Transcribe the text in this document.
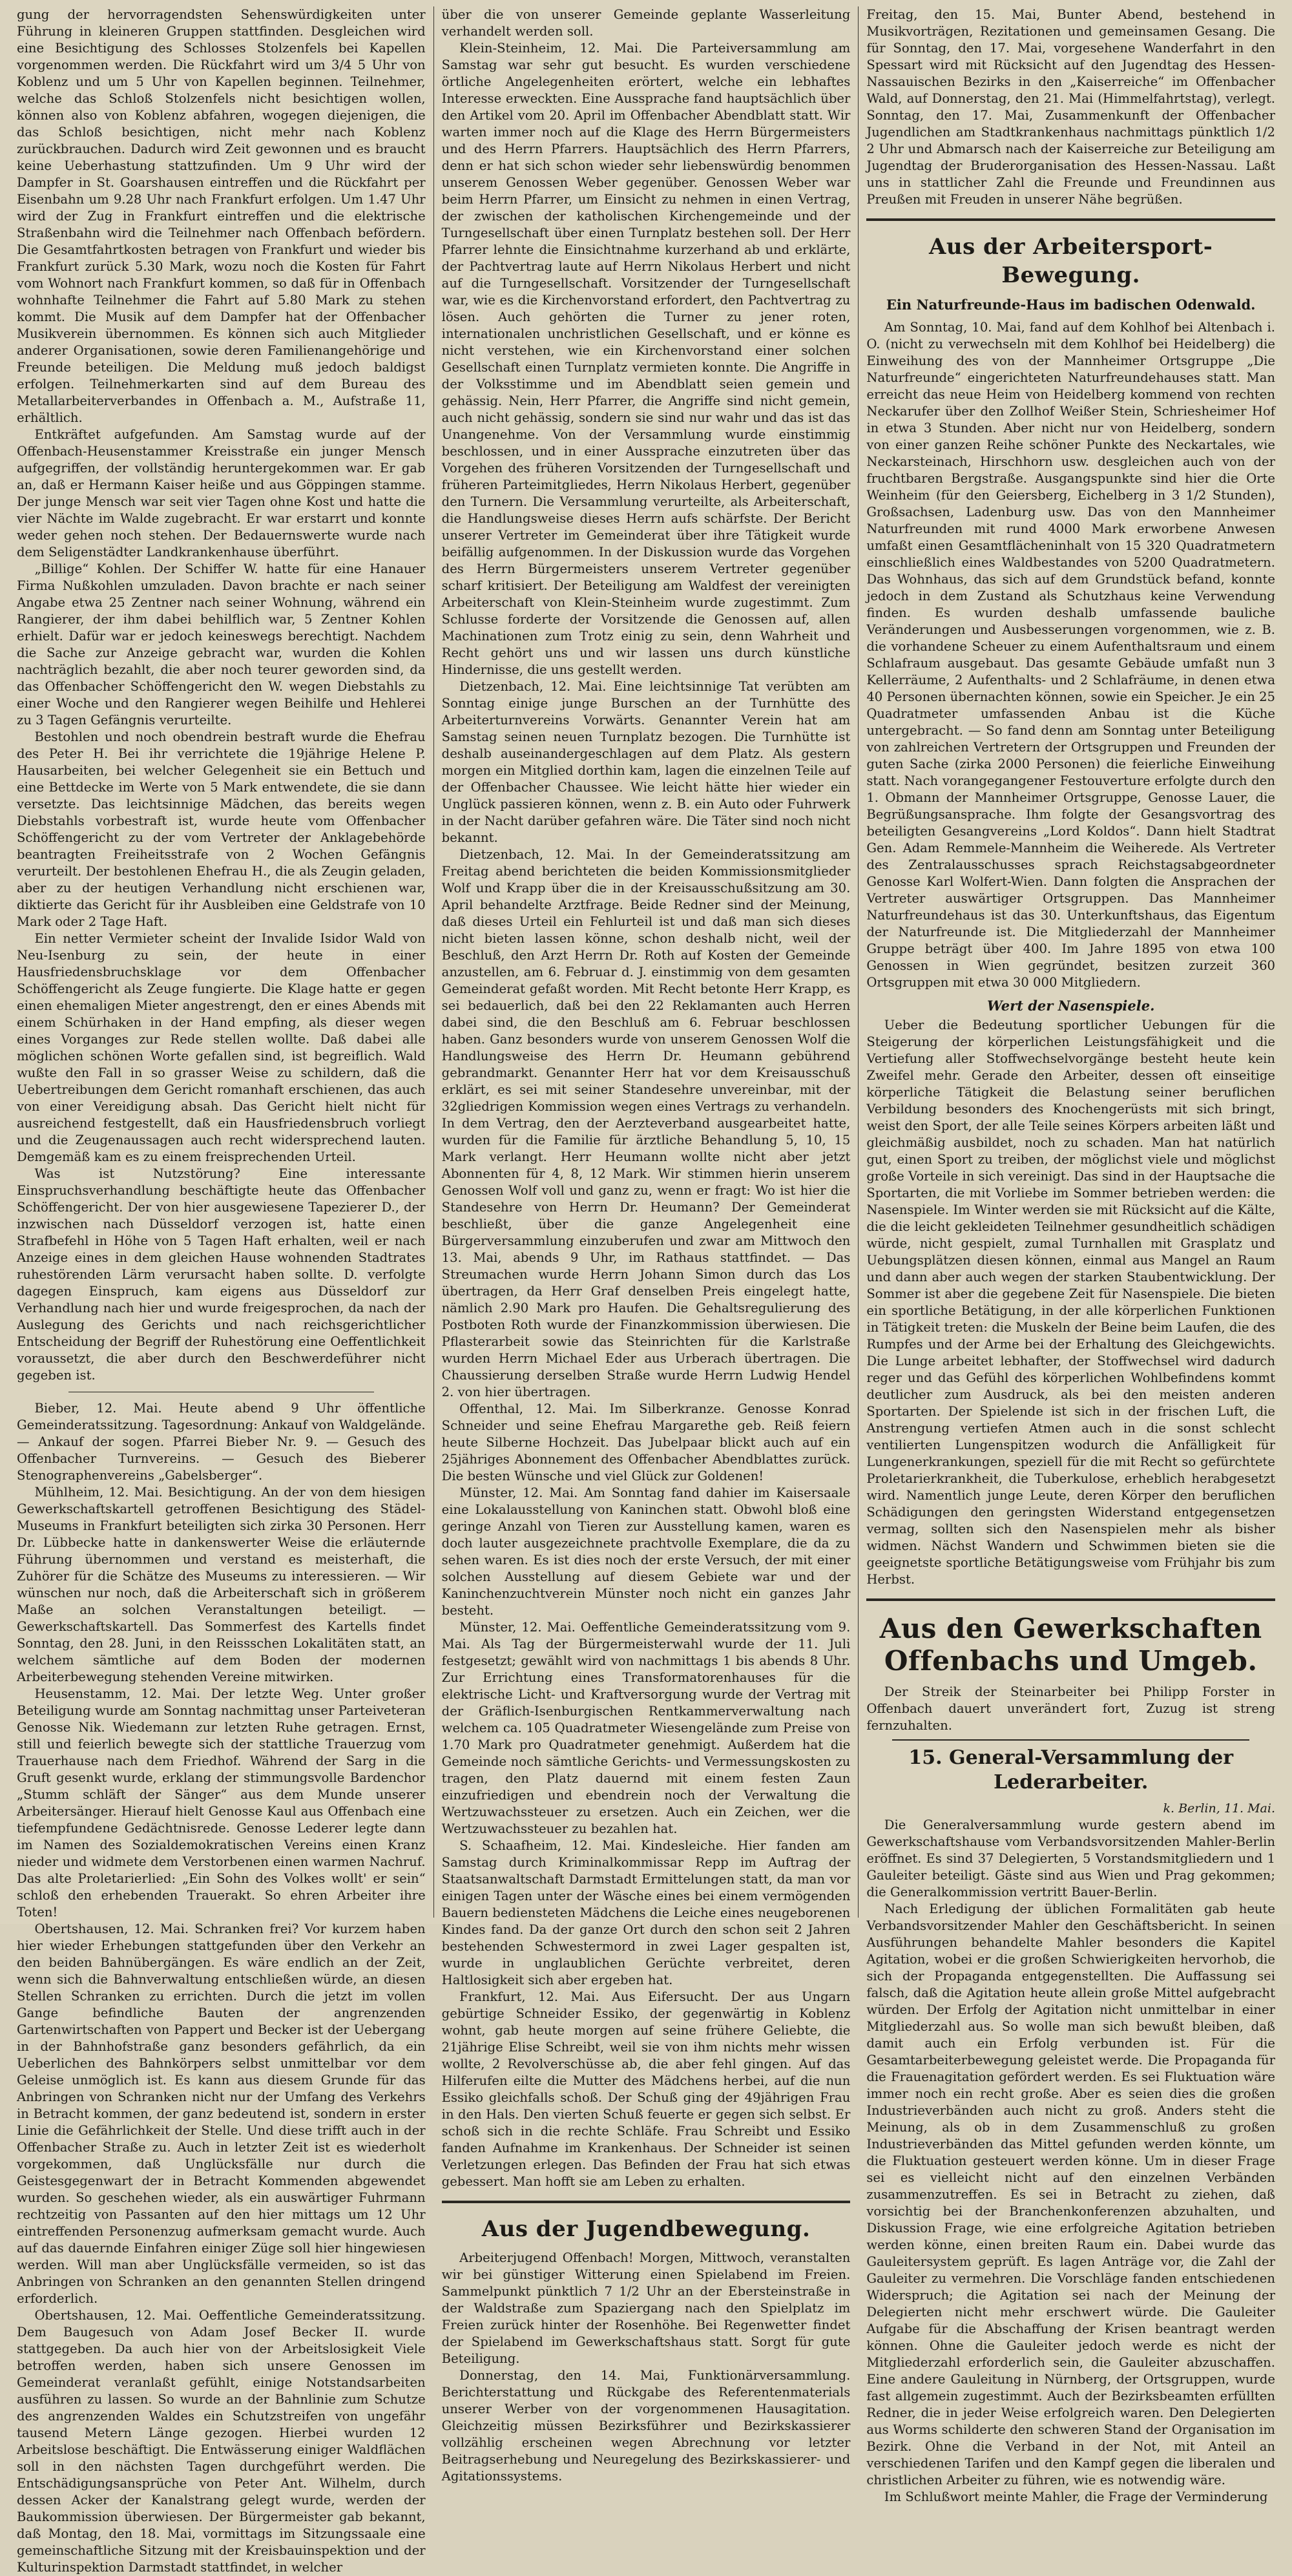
gung der hervorragendsten Sehenswürdigkeiten unter Führung in kleineren Gruppen stattfinden. Desgleichen wird eine Besichtigung des Schlosses Stolzenfels bei Kapellen vorgenommen werden. Die Rückfahrt wird um 3/4 5 Uhr von Koblenz und um 5 Uhr von Kapellen beginnen. Teilnehmer, welche das Schloß Stolzenfels nicht besichtigen wollen, können also von Koblenz abfahren, wogegen diejenigen, die das Schloß besichtigen, nicht mehr nach Koblenz zurückbrauchen. Dadurch wird Zeit gewonnen und es braucht keine Ueberhastung stattzufinden. Um 9 Uhr wird der Dampfer in St. Goarshausen eintreffen und die Rückfahrt per Eisenbahn um 9.28 Uhr nach Frankfurt erfolgen. Um 1.47 Uhr wird der Zug in Frankfurt eintreffen und die elektrische Straßenbahn wird die Teilnehmer nach Offenbach befördern. Die Gesamtfahrtkosten betragen von Frankfurt und wieder bis Frankfurt zurück 5.30 Mark, wozu noch die Kosten für Fahrt vom Wohnort nach Frankfurt kommen, so daß für in Offenbach wohnhafte Teilnehmer die Fahrt auf 5.80 Mark zu stehen kommt. Die Musik auf dem Dampfer hat der Offenbacher Musikverein übernommen. Es können sich auch Mitglieder anderer Organisationen, sowie deren Familienangehörige und Freunde beteiligen. Die Meldung muß jedoch baldigst erfolgen. Teilnehmerkarten sind auf dem Bureau des Metallarbeiterverbandes in Offenbach a. M., Aufstraße 11, erhältlich.

Entkräftet aufgefunden. Am Samstag wurde auf der Offenbach-Heusenstammer Kreisstraße ein junger Mensch aufgegriffen, der vollständig heruntergekommen war. Er gab an, daß er Hermann Kaiser heiße und aus Göppingen stamme. Der junge Mensch war seit vier Tagen ohne Kost und hatte die vier Nächte im Walde zugebracht. Er war erstarrt und konnte weder gehen noch stehen. Der Bedauernswerte wurde nach dem Seligenstädter Landkrankenhause überführt.

„Billige“ Kohlen. Der Schiffer W. hatte für eine Hanauer Firma Nußkohlen umzuladen. Davon brachte er nach seiner Angabe etwa 25 Zentner nach seiner Wohnung, während ein Rangierer, der ihm dabei behilflich war, 5 Zentner Kohlen erhielt. Dafür war er jedoch keineswegs berechtigt. Nachdem die Sache zur Anzeige gebracht war, wurden die Kohlen nachträglich bezahlt, die aber noch teurer geworden sind, da das Offenbacher Schöffengericht den W. wegen Diebstahls zu einer Woche und den Rangierer wegen Beihilfe und Hehlerei zu 3 Tagen Gefängnis verurteilte.

Bestohlen und noch obendrein bestraft wurde die Ehefrau des Peter H. Bei ihr verrichtete die 19jährige Helene P. Hausarbeiten, bei welcher Gelegenheit sie ein Bettuch und eine Bettdecke im Werte von 5 Mark entwendete, die sie dann versetzte. Das leichtsinnige Mädchen, das bereits wegen Diebstahls vorbestraft ist, wurde heute vom Offenbacher Schöffengericht zu der vom Vertreter der Anklagebehörde beantragten Freiheitsstrafe von 2 Wochen Gefängnis verurteilt. Der bestohlenen Ehefrau H., die als Zeugin geladen, aber zu der heutigen Verhandlung nicht erschienen war, diktierte das Gericht für ihr Ausbleiben eine Geldstrafe von 10 Mark oder 2 Tage Haft.

Ein netter Vermieter scheint der Invalide Isidor Wald von Neu-Isenburg zu sein, der heute in einer Hausfriedensbruchsklage vor dem Offenbacher Schöffengericht als Zeuge fungierte. Die Klage hatte er gegen einen ehemaligen Mieter angestrengt, den er eines Abends mit einem Schürhaken in der Hand empfing, als dieser wegen eines Vorganges zur Rede stellen wollte. Daß dabei alle möglichen schönen Worte gefallen sind, ist begreiflich. Wald wußte den Fall in so grasser Weise zu schildern, daß die Uebertreibungen dem Gericht romanhaft erschienen, das auch von einer Vereidigung absah. Das Gericht hielt nicht für ausreichend festgestellt, daß ein Hausfriedensbruch vorliegt und die Zeugenaussagen auch recht widersprechend lauten. Demgemäß kam es zu einem freisprechenden Urteil.

Was ist Nutzstörung? Eine interessante Einspruchsverhandlung beschäftigte heute das Offenbacher Schöffengericht. Der von hier ausgewiesene Tapezierer D., der inzwischen nach Düsseldorf verzogen ist, hatte einen Strafbefehl in Höhe von 5 Tagen Haft erhalten, weil er nach Anzeige eines in dem gleichen Hause wohnenden Stadtrates ruhestörenden Lärm verursacht haben sollte. D. verfolgte dagegen Einspruch, kam eigens aus Düsseldorf zur Verhandlung nach hier und wurde freigesprochen, da nach der Auslegung des Gerichts und nach reichsgerichtlicher Entscheidung der Begriff der Ruhestörung eine Oeffentlichkeit voraussetzt, die aber durch den Beschwerdeführer nicht gegeben ist.

Bieber, 12. Mai. Heute abend 9 Uhr öffentliche Gemeinderatssitzung. Tagesordnung: Ankauf von Waldgelände. — Ankauf der sogen. Pfarrei Bieber Nr. 9. — Gesuch des Offenbacher Turnvereins. — Gesuch des Bieberer Stenographenvereins „Gabelsberger“.

Mühlheim, 12. Mai. Besichtigung. An der von dem hiesigen Gewerkschaftskartell getroffenen Besichtigung des Städel-Museums in Frankfurt beteiligten sich zirka 30 Personen. Herr Dr. Lübbecke hatte in dankenswerter Weise die erläuternde Führung übernommen und verstand es meisterhaft, die Zuhörer für die Schätze des Museums zu interessieren. — Wir wünschen nur noch, daß die Arbeiterschaft sich in größerem Maße an solchen Veranstaltungen beteiligt. — Gewerkschaftskartell. Das Sommerfest des Kartells findet Sonntag, den 28. Juni, in den Reissschen Lokalitäten statt, an welchem sämtliche auf dem Boden der modernen Arbeiterbewegung stehenden Vereine mitwirken.

Heusenstamm, 12. Mai. Der letzte Weg. Unter großer Beteiligung wurde am Sonntag nachmittag unser Parteiveteran Genosse Nik. Wiedemann zur letzten Ruhe getragen. Ernst, still und feierlich bewegte sich der stattliche Trauerzug vom Trauerhause nach dem Friedhof. Während der Sarg in die Gruft gesenkt wurde, erklang der stimmungsvolle Bardenchor „Stumm schläft der Sänger“ aus dem Munde unserer Arbeitersänger. Hierauf hielt Genosse Kaul aus Offenbach eine tiefempfundene Gedächtnisrede. Genosse Lederer legte dann im Namen des Sozialdemokratischen Vereins einen Kranz nieder und widmete dem Verstorbenen einen warmen Nachruf. Das alte Proletarierlied: „Ein Sohn des Volkes wollt' er sein“ schloß den erhebenden Trauerakt. So ehren Arbeiter ihre Toten!

Obertshausen, 12. Mai. Schranken frei? Vor kurzem haben hier wieder Erhebungen stattgefunden über den Verkehr an den beiden Bahnübergängen. Es wäre endlich an der Zeit, wenn sich die Bahnverwaltung entschließen würde, an diesen Stellen Schranken zu errichten. Durch die jetzt im vollen Gange befindliche Bauten der angrenzenden Gartenwirtschaften von Pappert und Becker ist der Uebergang in der Bahnhofstraße ganz besonders gefährlich, da ein Ueberlichen des Bahnkörpers selbst unmittelbar vor dem Geleise unmöglich ist. Es kann aus diesem Grunde für das Anbringen von Schranken nicht nur der Umfang des Verkehrs in Betracht kommen, der ganz bedeutend ist, sondern in erster Linie die Gefährlichkeit der Stelle. Und diese trifft auch in der Offenbacher Straße zu. Auch in letzter Zeit ist es wiederholt vorgekommen, daß Unglücksfälle nur durch die Geistesgegenwart der in Betracht Kommenden abgewendet wurden. So geschehen wieder, als ein auswärtiger Fuhrmann rechtzeitig von Passanten auf den hier mittags um 12 Uhr eintreffenden Personenzug aufmerksam gemacht wurde. Auch auf das dauernde Einfahren einiger Züge soll hier hingewiesen werden. Will man aber Unglücksfälle vermeiden, so ist das Anbringen von Schranken an den genannten Stellen dringend erforderlich.

Obertshausen, 12. Mai. Oeffentliche Gemeinderatssitzung. Dem Baugesuch von Adam Josef Becker II. wurde stattgegeben. Da auch hier von der Arbeitslosigkeit Viele betroffen werden, haben sich unsere Genossen im Gemeinderat veranlaßt gefühlt, einige Notstandsarbeiten ausführen zu lassen. So wurde an der Bahnlinie zum Schutze des angrenzenden Waldes ein Schutzstreifen von ungefähr tausend Metern Länge gezogen. Hierbei wurden 12 Arbeitslose beschäftigt. Die Entwässerung einiger Waldflächen soll in den nächsten Tagen durchgeführt werden. Die Entschädigungsansprüche von Peter Ant. Wilhelm, durch dessen Acker der Kanalstrang gelegt wurde, werden der Baukommission überwiesen. Der Bürgermeister gab bekannt, daß Montag, den 18. Mai, vormittags im Sitzungssaale eine gemeinschaftliche Sitzung mit der Kreisbauinspektion und der Kulturinspektion Darmstadt stattfindet, in welcher

über die von unserer Gemeinde geplante Wasserleitung verhandelt werden soll.

Klein-Steinheim, 12. Mai. Die Parteiversammlung am Samstag war sehr gut besucht. Es wurden verschiedene örtliche Angelegenheiten erörtert, welche ein lebhaftes Interesse erweckten. Eine Aussprache fand hauptsächlich über den Artikel vom 20. April im Offenbacher Abendblatt statt. Wir warten immer noch auf die Klage des Herrn Bürgermeisters und des Herrn Pfarrers. Hauptsächlich des Herrn Pfarrers, denn er hat sich schon wieder sehr liebenswürdig benommen unserem Genossen Weber gegenüber. Genossen Weber war beim Herrn Pfarrer, um Einsicht zu nehmen in einen Vertrag, der zwischen der katholischen Kirchengemeinde und der Turngesellschaft über einen Turnplatz bestehen soll. Der Herr Pfarrer lehnte die Einsichtnahme kurzerhand ab und erklärte, der Pachtvertrag laute auf Herrn Nikolaus Herbert und nicht auf die Turngesellschaft. Vorsitzender der Turngesellschaft war, wie es die Kirchenvorstand erfordert, den Pachtvertrag zu lösen. Auch gehörten die Turner zu jener roten, internationalen unchristlichen Gesellschaft, und er könne es nicht verstehen, wie ein Kirchenvorstand einer solchen Gesellschaft einen Turnplatz vermieten konnte. Die Angriffe in der Volksstimme und im Abendblatt seien gemein und gehässig. Nein, Herr Pfarrer, die Angriffe sind nicht gemein, auch nicht gehässig, sondern sie sind nur wahr und das ist das Unangenehme. Von der Versammlung wurde einstimmig beschlossen, und in einer Aussprache einzutreten über das Vorgehen des früheren Vorsitzenden der Turngesellschaft und früheren Parteimitgliedes, Herrn Nikolaus Herbert, gegenüber den Turnern. Die Versammlung verurteilte, als Arbeiterschaft, die Handlungsweise dieses Herrn aufs schärfste. Der Bericht unserer Vertreter im Gemeinderat über ihre Tätigkeit wurde beifällig aufgenommen. In der Diskussion wurde das Vorgehen des Herrn Bürgermeisters unserem Vertreter gegenüber scharf kritisiert. Der Beteiligung am Waldfest der vereinigten Arbeiterschaft von Klein-Steinheim wurde zugestimmt. Zum Schlusse forderte der Vorsitzende die Genossen auf, allen Machinationen zum Trotz einig zu sein, denn Wahrheit und Recht gehört uns und wir lassen uns durch künstliche Hindernisse, die uns gestellt werden.

Dietzenbach, 12. Mai. Eine leichtsinnige Tat verübten am Sonntag einige junge Burschen an der Turnhütte des Arbeiterturnvereins Vorwärts. Genannter Verein hat am Samstag seinen neuen Turnplatz bezogen. Die Turnhütte ist deshalb auseinandergeschlagen auf dem Platz. Als gestern morgen ein Mitglied dorthin kam, lagen die einzelnen Teile auf der Offenbacher Chaussee. Wie leicht hätte hier wieder ein Unglück passieren können, wenn z. B. ein Auto oder Fuhrwerk in der Nacht darüber gefahren wäre. Die Täter sind noch nicht bekannt.

Dietzenbach, 12. Mai. In der Gemeinderatssitzung am Freitag abend berichteten die beiden Kommissionsmitglieder Wolf und Krapp über die in der Kreisausschußsitzung am 30. April behandelte Arztfrage. Beide Redner sind der Meinung, daß dieses Urteil ein Fehlurteil ist und daß man sich dieses nicht bieten lassen könne, schon deshalb nicht, weil der Beschluß, den Arzt Herrn Dr. Roth auf Kosten der Gemeinde anzustellen, am 6. Februar d. J. einstimmig von dem gesamten Gemeinderat gefaßt worden. Mit Recht betonte Herr Krapp, es sei bedauerlich, daß bei den 22 Reklamanten auch Herren dabei sind, die den Beschluß am 6. Februar beschlossen haben. Ganz besonders wurde von unserem Genossen Wolf die Handlungsweise des Herrn Dr. Heumann gebührend gebrandmarkt. Genannter Herr hat vor dem Kreisausschuß erklärt, es sei mit seiner Standesehre unvereinbar, mit der 32gliedrigen Kommission wegen eines Vertrags zu verhandeln. In dem Vertrag, den der Aerzteverband ausgearbeitet hatte, wurden für die Familie für ärztliche Behandlung 5, 10, 15 Mark verlangt. Herr Heumann wollte nicht aber jetzt Abonnenten für 4, 8, 12 Mark. Wir stimmen hierin unserem Genossen Wolf voll und ganz zu, wenn er fragt: Wo ist hier die Standesehre von Herrn Dr. Heumann? Der Gemeinderat beschließt, über die ganze Angelegenheit eine Bürgerversammlung einzuberufen und zwar am Mittwoch den 13. Mai, abends 9 Uhr, im Rathaus stattfindet. — Das Streumachen wurde Herrn Johann Simon durch das Los übertragen, da Herr Graf denselben Preis eingelegt hatte, nämlich 2.90 Mark pro Haufen. Die Gehaltsregulierung des Postboten Roth wurde der Finanzkommission überwiesen. Die Pflasterarbeit sowie das Steinrichten für die Karlstraße wurden Herrn Michael Eder aus Urberach übertragen. Die Chaussierung derselben Straße wurde Herrn Ludwig Hendel 2. von hier übertragen.

Offenthal, 12. Mai. Im Silberkranze. Genosse Konrad Schneider und seine Ehefrau Margarethe geb. Reiß feiern heute Silberne Hochzeit. Das Jubelpaar blickt auch auf ein 25jähriges Abonnement des Offenbacher Abendblattes zurück. Die besten Wünsche und viel Glück zur Goldenen!

Münster, 12. Mai. Am Sonntag fand dahier im Kaisersaale eine Lokalausstellung von Kaninchen statt. Obwohl bloß eine geringe Anzahl von Tieren zur Ausstellung kamen, waren es doch lauter ausgezeichnete prachtvolle Exemplare, die da zu sehen waren. Es ist dies noch der erste Versuch, der mit einer solchen Ausstellung auf diesem Gebiete war und der Kaninchenzuchtverein Münster noch nicht ein ganzes Jahr besteht.

Münster, 12. Mai. Oeffentliche Gemeinderatssitzung vom 9. Mai. Als Tag der Bürgermeisterwahl wurde der 11. Juli festgesetzt; gewählt wird von nachmittags 1 bis abends 8 Uhr. Zur Errichtung eines Transformatorenhauses für die elektrische Licht- und Kraftversorgung wurde der Vertrag mit der Gräflich-Isenburgischen Rentkammerverwaltung nach welchem ca. 105 Quadratmeter Wiesengelände zum Preise von 1.70 Mark pro Quadratmeter genehmigt. Außerdem hat die Gemeinde noch sämtliche Gerichts- und Vermessungskosten zu tragen, den Platz dauernd mit einem festen Zaun einzufriedigen und ebendrein noch der Verwaltung die Wertzuwachssteuer zu ersetzen. Auch ein Zeichen, wer die Wertzuwachssteuer zu bezahlen hat.

S. Schaafheim, 12. Mai. Kindesleiche. Hier fanden am Samstag durch Kriminalkommissar Repp im Auftrag der Staatsanwaltschaft Darmstadt Ermittelungen statt, da man vor einigen Tagen unter der Wäsche eines bei einem vermögenden Bauern bediensteten Mädchens die Leiche eines neugeborenen Kindes fand. Da der ganze Ort durch den schon seit 2 Jahren bestehenden Schwestermord in zwei Lager gespalten ist, wurde in unglaublichen Gerüchte verbreitet, deren Haltlosigkeit sich aber ergeben hat.

Frankfurt, 12. Mai. Aus Eifersucht. Der aus Ungarn gebürtige Schneider Essiko, der gegenwärtig in Koblenz wohnt, gab heute morgen auf seine frühere Geliebte, die 21jährige Elise Schreibt, weil sie von ihm nichts mehr wissen wollte, 2 Revolverschüsse ab, die aber fehl gingen. Auf das Hilferufen eilte die Mutter des Mädchens herbei, auf die nun Essiko gleichfalls schoß. Der Schuß ging der 49jährigen Frau in den Hals. Den vierten Schuß feuerte er gegen sich selbst. Er schoß sich in die rechte Schläfe. Frau Schreibt und Essiko fanden Aufnahme im Krankenhaus. Der Schneider ist seinen Verletzungen erlegen. Das Befinden der Frau hat sich etwas gebessert. Man hofft sie am Leben zu erhalten.

Aus der Jugendbewegung.

Arbeiterjugend Offenbach! Morgen, Mittwoch, veranstalten wir bei günstiger Witterung einen Spielabend im Freien. Sammelpunkt pünktlich 7 1/2 Uhr an der Ebersteinstraße in der Waldstraße zum Spaziergang nach den Spielplatz im Freien zurück hinter der Rosenhöhe. Bei Regenwetter findet der Spielabend im Gewerkschaftshaus statt. Sorgt für gute Beteiligung.

Donnerstag, den 14. Mai, Funktionärversammlung. Berichterstattung und Rückgabe des Referentenmaterials unserer Werber von der vorgenommenen Hausagitation. Gleichzeitig müssen Bezirksführer und Bezirkskassierer vollzählig erscheinen wegen Abrechnung vor letzter Beitragserhebung und Neuregelung des Bezirkskassierer- und Agitationssystems.

Freitag, den 15. Mai, Bunter Abend, bestehend in Musikvorträgen, Rezitationen und gemeinsamen Gesang. Die für Sonntag, den 17. Mai, vorgesehene Wanderfahrt in den Spessart wird mit Rücksicht auf den Jugendtag des Hessen-Nassauischen Bezirks in den „Kaiserreiche“ im Offenbacher Wald, auf Donnerstag, den 21. Mai (Himmelfahrtstag), verlegt. Sonntag, den 17. Mai, Zusammenkunft der Offenbacher Jugendlichen am Stadtkrankenhaus nachmittags pünktlich 1/2 2 Uhr und Abmarsch nach der Kaiserreiche zur Beteiligung am Jugendtag der Bruderorganisation des Hessen-Nassau. Laßt uns in stattlicher Zahl die Freunde und Freundinnen aus Preußen mit Freuden in unserer Nähe begrüßen.

Aus der Arbeitersport-Bewegung.
Ein Naturfreunde-Haus im badischen Odenwald.

Am Sonntag, 10. Mai, fand auf dem Kohlhof bei Altenbach i. O. (nicht zu verwechseln mit dem Kohlhof bei Heidelberg) die Einweihung des von der Mannheimer Ortsgruppe „Die Naturfreunde“ eingerichteten Naturfreundehauses statt. Man erreicht das neue Heim von Heidelberg kommend von rechten Neckarufer über den Zollhof Weißer Stein, Schriesheimer Hof in etwa 3 Stunden. Aber nicht nur von Heidelberg, sondern von einer ganzen Reihe schöner Punkte des Neckartales, wie Neckarsteinach, Hirschhorn usw. desgleichen auch von der fruchtbaren Bergstraße. Ausgangspunkte sind hier die Orte Weinheim (für den Geiersberg, Eichelberg in 3 1/2 Stunden), Großsachsen, Ladenburg usw. Das von den Mannheimer Naturfreunden mit rund 4000 Mark erworbene Anwesen umfaßt einen Gesamtflächeninhalt von 15 320 Quadratmetern einschließlich eines Waldbestandes von 5200 Quadratmetern. Das Wohnhaus, das sich auf dem Grundstück befand, konnte jedoch in dem Zustand als Schutzhaus keine Verwendung finden. Es wurden deshalb umfassende bauliche Veränderungen und Ausbesserungen vorgenommen, wie z. B. die vorhandene Scheuer zu einem Aufenthaltsraum und einem Schlafraum ausgebaut. Das gesamte Gebäude umfaßt nun 3 Kellerräume, 2 Aufenthalts- und 2 Schlafräume, in denen etwa 40 Personen übernachten können, sowie ein Speicher. Je ein 25 Quadratmeter umfassenden Anbau ist die Küche untergebracht. — So fand denn am Sonntag unter Beteiligung von zahlreichen Vertretern der Ortsgruppen und Freunden der guten Sache (zirka 2000 Personen) die feierliche Einweihung statt. Nach vorangegangener Festouverture erfolgte durch den 1. Obmann der Mannheimer Ortsgruppe, Genosse Lauer, die Begrüßungsansprache. Ihm folgte der Gesangsvortrag des beteiligten Gesangvereins „Lord Koldos“. Dann hielt Stadtrat Gen. Adam Remmele-Mannheim die Weiherede. Als Vertreter des Zentralausschusses sprach Reichstagsabgeordneter Genosse Karl Wolfert-Wien. Dann folgten die Ansprachen der Vertreter auswärtiger Ortsgruppen. Das Mannheimer Naturfreundehaus ist das 30. Unterkunftshaus, das Eigentum der Naturfreunde ist. Die Mitgliederzahl der Mannheimer Gruppe beträgt über 400. Im Jahre 1895 von etwa 100 Genossen in Wien gegründet, besitzen zurzeit 360 Ortsgruppen mit etwa 30 000 Mitgliedern.

Wert der Nasenspiele.

Ueber die Bedeutung sportlicher Uebungen für die Steigerung der körperlichen Leistungsfähigkeit und die Vertiefung aller Stoffwechselvorgänge besteht heute kein Zweifel mehr. Gerade den Arbeiter, dessen oft einseitige körperliche Tätigkeit die Belastung seiner beruflichen Verbildung besonders des Knochengerüsts mit sich bringt, weist den Sport, der alle Teile seines Körpers arbeiten läßt und gleichmäßig ausbildet, noch zu schaden. Man hat natürlich gut, einen Sport zu treiben, der möglichst viele und möglichst große Vorteile in sich vereinigt. Das sind in der Hauptsache die Sportarten, die mit Vorliebe im Sommer betrieben werden: die Nasenspiele. Im Winter werden sie mit Rücksicht auf die Kälte, die die leicht gekleideten Teilnehmer gesundheitlich schädigen würde, nicht gespielt, zumal Turnhallen mit Grasplatz und Uebungsplätzen diesen können, einmal aus Mangel an Raum und dann aber auch wegen der starken Staubentwicklung. Der Sommer ist aber die gegebene Zeit für Nasenspiele. Die bieten ein sportliche Betätigung, in der alle körperlichen Funktionen in Tätigkeit treten: die Muskeln der Beine beim Laufen, die des Rumpfes und der Arme bei der Erhaltung des Gleichgewichts. Die Lunge arbeitet lebhafter, der Stoffwechsel wird dadurch reger und das Gefühl des körperlichen Wohlbefindens kommt deutlicher zum Ausdruck, als bei den meisten anderen Sportarten. Der Spielende ist sich in der frischen Luft, die Anstrengung vertiefen Atmen auch in die sonst schlecht ventilierten Lungenspitzen wodurch die Anfälligkeit für Lungenerkrankungen, speziell für die mit Recht so gefürchtete Proletarierkrankheit, die Tuberkulose, erheblich herabgesetzt wird. Namentlich junge Leute, deren Körper den beruflichen Schädigungen den geringsten Widerstand entgegensetzen vermag, sollten sich den Nasenspielen mehr als bisher widmen. Nächst Wandern und Schwimmen bieten sie die geeignetste sportliche Betätigungsweise vom Frühjahr bis zum Herbst.

Aus den Gewerkschaften Offenbachs und Umgeb.

Der Streik der Steinarbeiter bei Philipp Forster in Offenbach dauert unverändert fort, Zuzug ist streng fernzuhalten.

15. General-Versammlung der Lederarbeiter.
k. Berlin, 11. Mai.

Die Generalversammlung wurde gestern abend im Gewerkschaftshause vom Verbandsvorsitzenden Mahler-Berlin eröffnet. Es sind 37 Delegierten, 5 Vorstandsmitgliedern und 1 Gauleiter beteiligt. Gäste sind aus Wien und Prag gekommen; die Generalkommission vertritt Bauer-Berlin.

Nach Erledigung der üblichen Formalitäten gab heute Verbandsvorsitzender Mahler den Geschäftsbericht. In seinen Ausführungen behandelte Mahler besonders die Kapitel Agitation, wobei er die großen Schwierigkeiten hervorhob, die sich der Propaganda entgegenstellten. Die Auffassung sei falsch, daß die Agitation heute allein große Mittel aufgebracht würden. Der Erfolg der Agitation nicht unmittelbar in einer Mitgliederzahl aus. So wolle man sich bewußt bleiben, daß damit auch ein Erfolg verbunden ist. Für die Gesamtarbeiterbewegung geleistet werde. Die Propaganda für die Frauenagitation gefördert werden. Es sei Fluktuation wäre immer noch ein recht große. Aber es seien dies die großen Industrieverbänden auch nicht zu groß. Anders steht die Meinung, als ob in dem Zusammenschluß zu großen Industrieverbänden das Mittel gefunden werden könnte, um die Fluktuation gesteuert werden könne. Um in dieser Frage sei es vielleicht nicht auf den einzelnen Verbänden zusammenzutreffen. Es sei in Betracht zu ziehen, daß vorsichtig bei der Branchenkonferenzen abzuhalten, und Diskussion Frage, wie eine erfolgreiche Agitation betrieben werden könne, einen breiten Raum ein. Dabei wurde das Gauleitersystem geprüft. Es lagen Anträge vor, die Zahl der Gauleiter zu vermehren. Die Vorschläge fanden entschiedenen Widerspruch; die Agitation sei nach der Meinung der Delegierten nicht mehr erschwert würde. Die Gauleiter Aufgabe für die Abschaffung der Krisen beantragt werden können. Ohne die Gauleiter jedoch werde es nicht der Mitgliederzahl erforderlich sein, die Gauleiter abzuschaffen. Eine andere Gauleitung in Nürnberg, der Ortsgruppen, wurde fast allgemein zugestimmt. Auch der Bezirksbeamten erfüllten Redner, die in jeder Weise erfolgreich waren. Den Delegierten aus Worms schilderte den schweren Stand der Organisation im Bezirk. Ohne die Verband in der Not, mit Anteil an verschiedenen Tarifen und den Kampf gegen die liberalen und christlichen Arbeiter zu führen, wie es notwendig wäre.

Im Schlußwort meinte Mahler, die Frage der Verminderung
